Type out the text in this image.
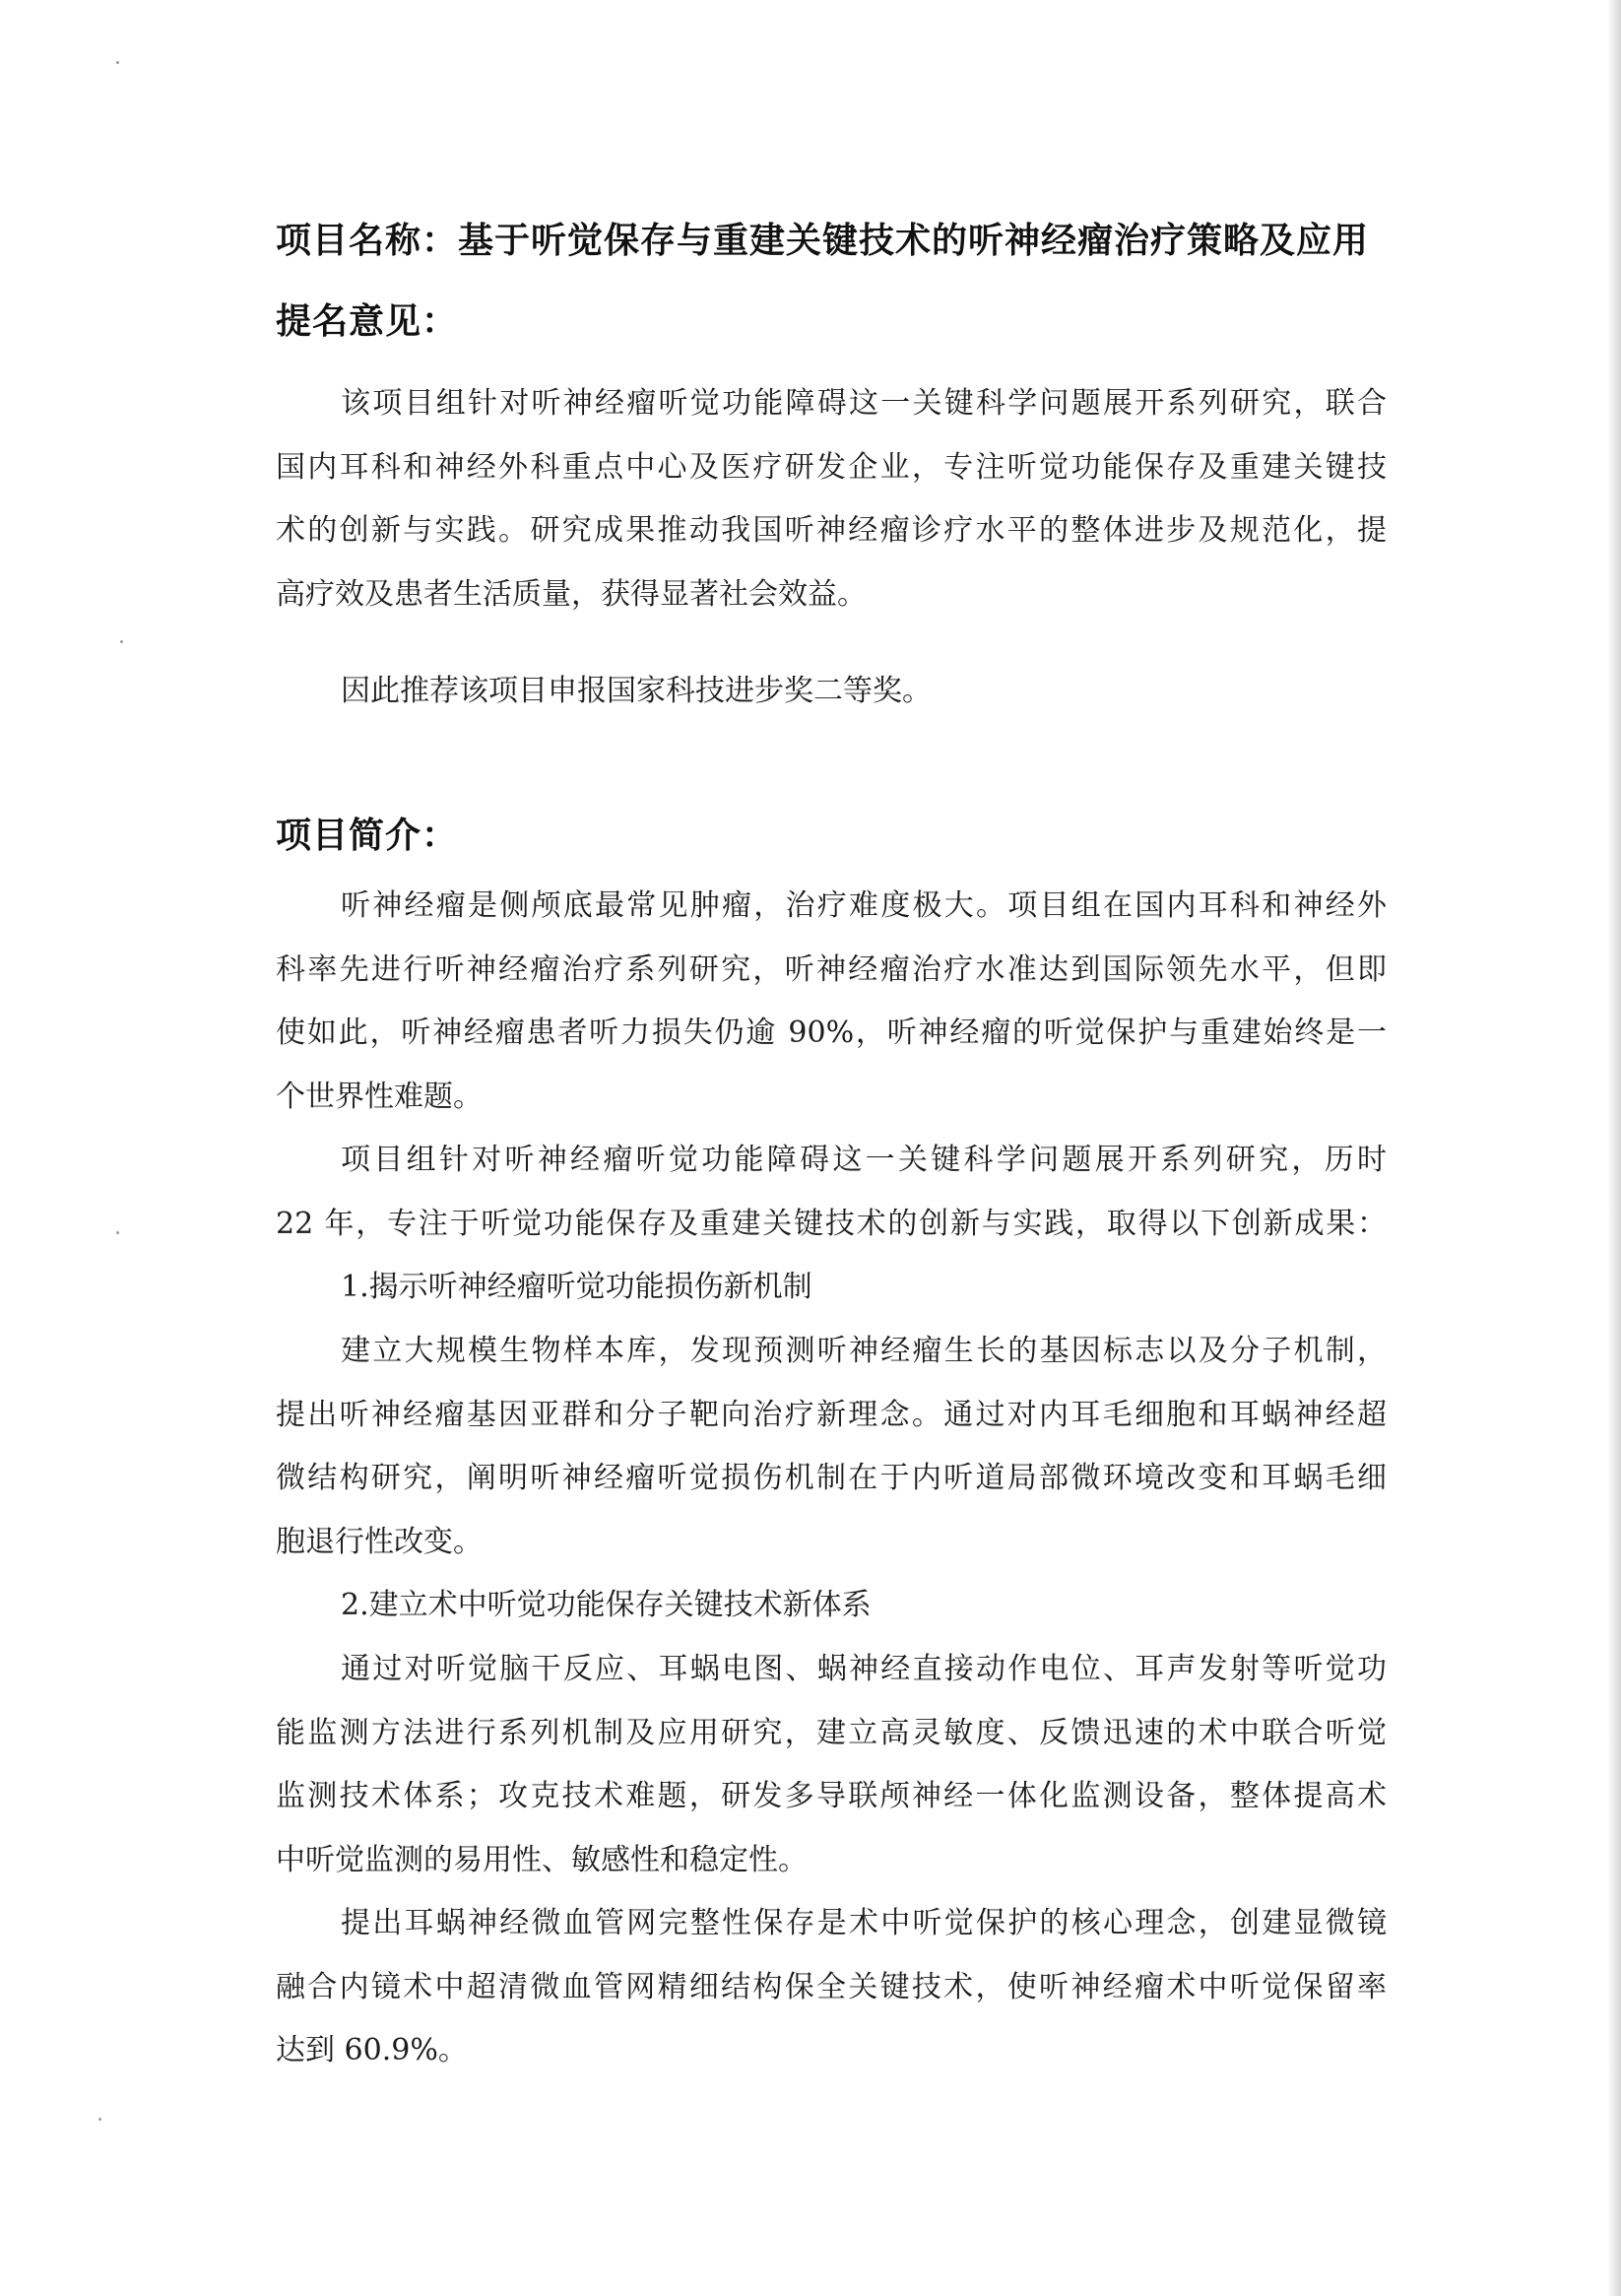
项目名称：基于听觉保存与重建关键技术的听神经瘤治疗策略及应用
提名意见：
该项目组针对听神经瘤听觉功能障碍这一关键科学问题展开系列研究，联合
国内耳科和神经外科重点中心及医疗研发企业，专注听觉功能保存及重建关键技
术的创新与实践。研究成果推动我国听神经瘤诊疗水平的整体进步及规范化，提
高疗效及患者生活质量，获得显著社会效益。
因此推荐该项目申报国家科技进步奖二等奖。
项目简介：
听神经瘤是侧颅底最常见肿瘤，治疗难度极大。项目组在国内耳科和神经外
科率先进行听神经瘤治疗系列研究，听神经瘤治疗水准达到国际领先水平，但即
使如此，听神经瘤患者听力损失仍逾 90%，听神经瘤的听觉保护与重建始终是一
个世界性难题。
项目组针对听神经瘤听觉功能障碍这一关键科学问题展开系列研究，历时
22 年，专注于听觉功能保存及重建关键技术的创新与实践，取得以下创新成果：
1.揭示听神经瘤听觉功能损伤新机制
建立大规模生物样本库，发现预测听神经瘤生长的基因标志以及分子机制，
提出听神经瘤基因亚群和分子靶向治疗新理念。通过对内耳毛细胞和耳蜗神经超
微结构研究，阐明听神经瘤听觉损伤机制在于内听道局部微环境改变和耳蜗毛细
胞退行性改变。
2.建立术中听觉功能保存关键技术新体系
通过对听觉脑干反应、耳蜗电图、蜗神经直接动作电位、耳声发射等听觉功
能监测方法进行系列机制及应用研究，建立高灵敏度、反馈迅速的术中联合听觉
监测技术体系；攻克技术难题，研发多导联颅神经一体化监测设备，整体提高术
中听觉监测的易用性、敏感性和稳定性。
提出耳蜗神经微血管网完整性保存是术中听觉保护的核心理念，创建显微镜
融合内镜术中超清微血管网精细结构保全关键技术，使听神经瘤术中听觉保留率
达到 60.9%。
